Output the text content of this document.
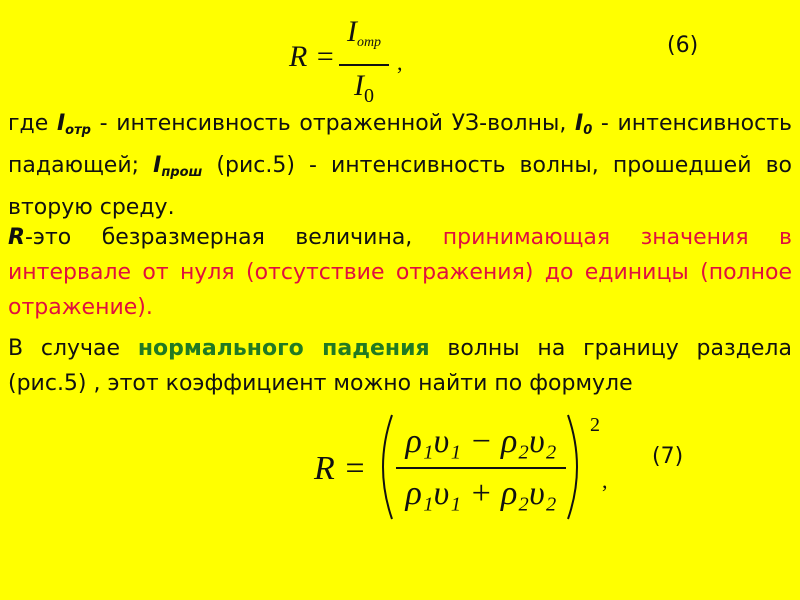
R =
$I_{отр}$
$I_0$
,
(6)
где $I_{отр}$ - интенсивность отраженной УЗ-волны, $I_0$ - интенсивность падающей; $I_{прош}$ (рис.5) - интенсивность волны, прошедшей во вторую среду.
R-это безразмерная величина, принимающая значения в интервале от нуля (отсутствие отражения) до единицы (полное отражение).
В случае нормального падения волны на границу раздела (рис.5) , этот коэффициент можно найти по формуле
R =
ρ₁υ₁ − ρ₂υ₂
ρ₁υ₁ + ρ₂υ₂
2
,
(7)
